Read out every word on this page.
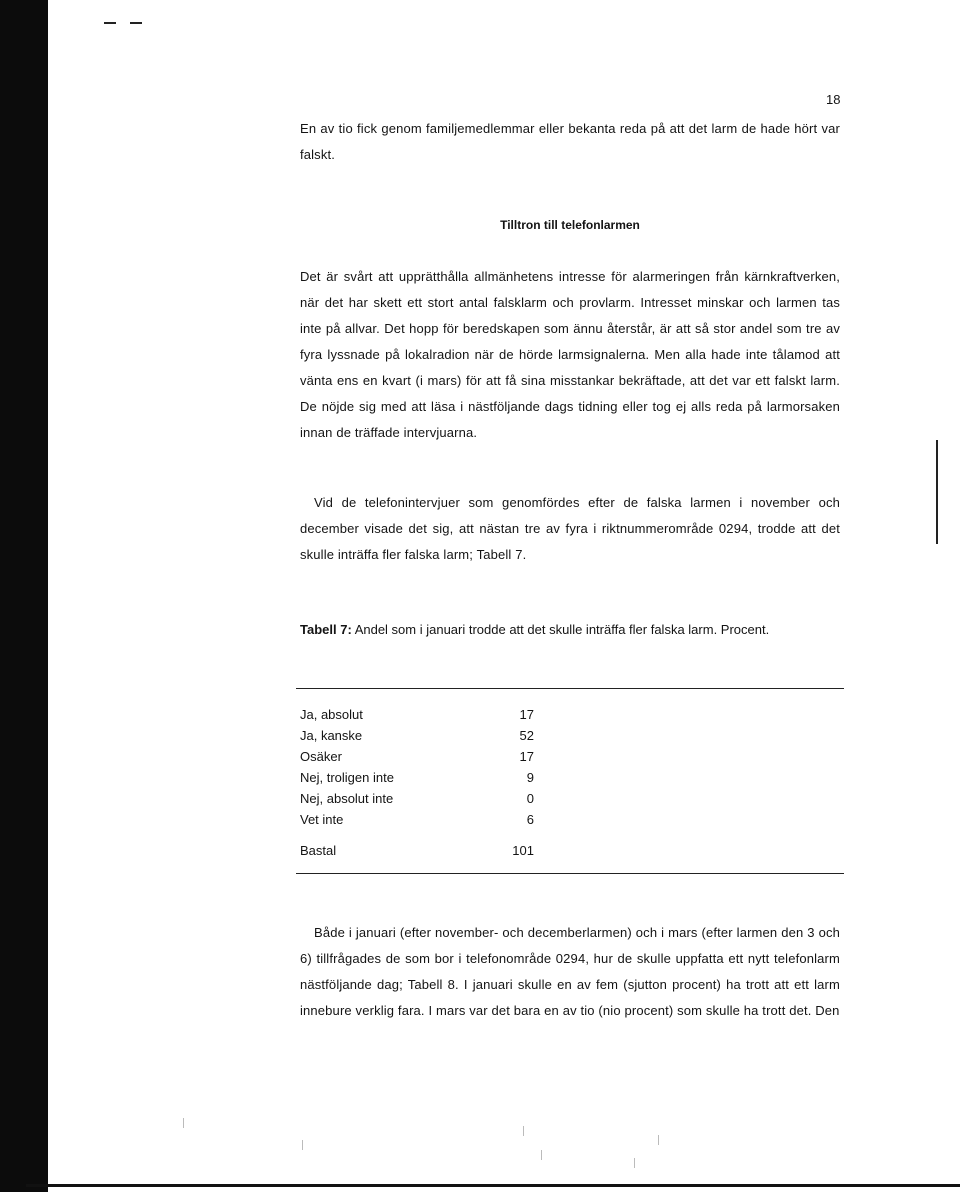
18

En av tio fick genom familjemedlemmar eller bekanta reda på att det larm de hade hört var falskt.

Tilltron till telefonlarmen

Det är svårt att upprätthålla allmänhetens intresse för alarmeringen från kärnkraftverken, när det har skett ett stort antal falsklarm och provlarm. Intresset minskar och larmen tas inte på allvar. Det hopp för beredskapen som ännu återstår, är att så stor andel som tre av fyra lyssnade på lokalradion när de hörde larmsignalerna. Men alla hade inte tålamod att vänta ens en kvart (i mars) för att få sina misstankar bekräftade, att det var ett falskt larm. De nöjde sig med att läsa i nästföljande dags tidning eller tog ej alls reda på larmorsaken innan de träffade intervjuarna.

Vid de telefonintervjuer som genomfördes efter de falska larmen i november och december visade det sig, att nästan tre av fyra i riktnummerområde 0294, trodde att det skulle inträffa fler falska larm; Tabell 7.

Tabell 7: Andel som i januari trodde att det skulle inträffa fler falska larm. Procent.

Ja, absolut	17
Ja, kanske	52
Osäker	17
Nej, troligen inte	9
Nej, absolut inte	0
Vet inte	6
Bastal	101

Både i januari (efter november- och decemberlarmen) och i mars (efter larmen den 3 och 6) tillfrågades de som bor i telefonområde 0294, hur de skulle uppfatta ett nytt telefonlarm nästföljande dag; Tabell 8. I januari skulle en av fem (sjutton procent) ha trott att ett larm innebure verklig fara. I mars var det bara en av tio (nio procent) som skulle ha trott det. Den
